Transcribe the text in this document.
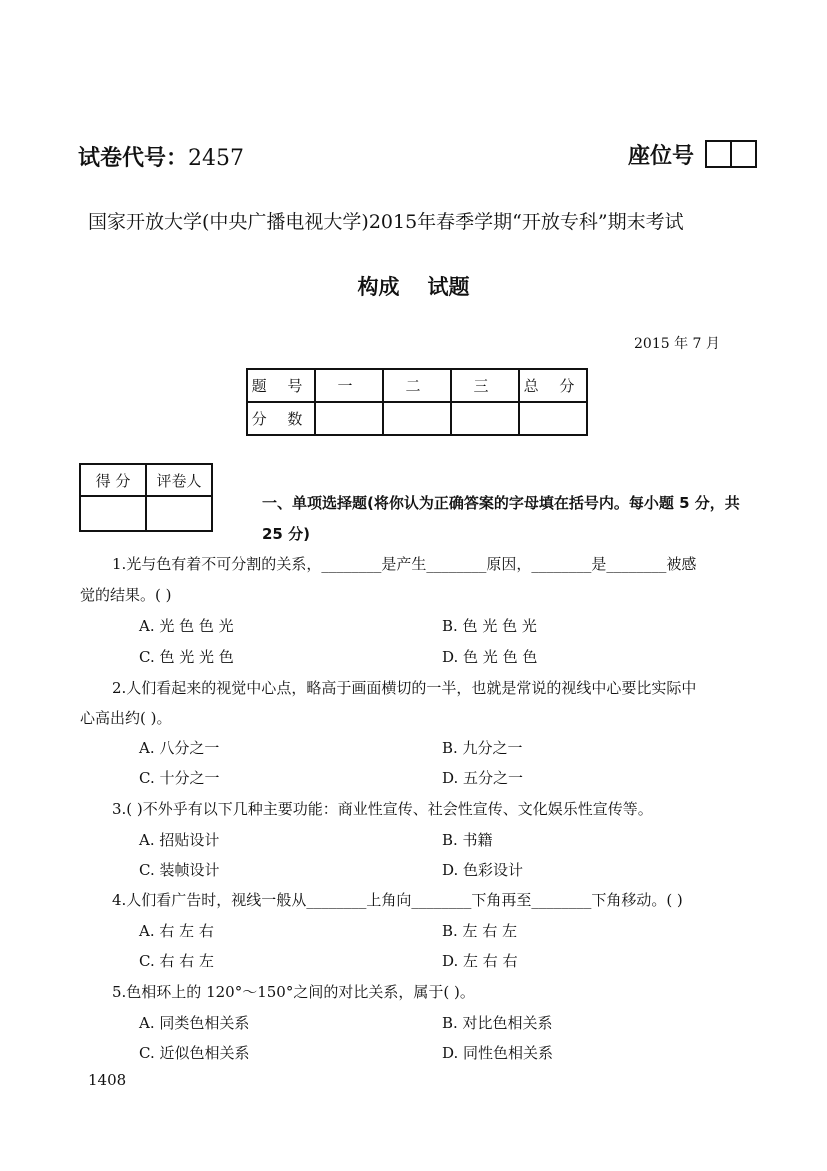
试卷代号：2457	座位号
国家开放大学(中央广播电视大学)2015年春季学期“开放专科”期末考试
构成 试题
2015 年 7 月
题 号	一	二	三	总 分
分 数				
得 分	评卷人

一、单项选择题(将你认为正确答案的字母填在括号内。每小题 5 分，共 25 分)
1.光与色有着不可分割的关系，________是产生________原因，________是________被感
觉的结果。( )
A. 光 色 色 光	B. 色 光 色 光
C. 色 光 光 色	D. 色 光 色 色
2.人们看起来的视觉中心点，略高于画面横切的一半，也就是常说的视线中心要比实际中
心高出约( )。
A. 八分之一	B. 九分之一
C. 十分之一	D. 五分之一
3.( )不外乎有以下几种主要功能：商业性宣传、社会性宣传、文化娱乐性宣传等。
A. 招贴设计	B. 书籍
C. 装帧设计	D. 色彩设计
4.人们看广告时，视线一般从________上角向________下角再至________下角移动。( )
A. 右 左 右	B. 左 右 左
C. 右 右 左	D. 左 右 右
5.色相环上的 120°～150°之间的对比关系，属于( )。
A. 同类色相关系	B. 对比色相关系
C. 近似色相关系	D. 同性色相关系
1408
